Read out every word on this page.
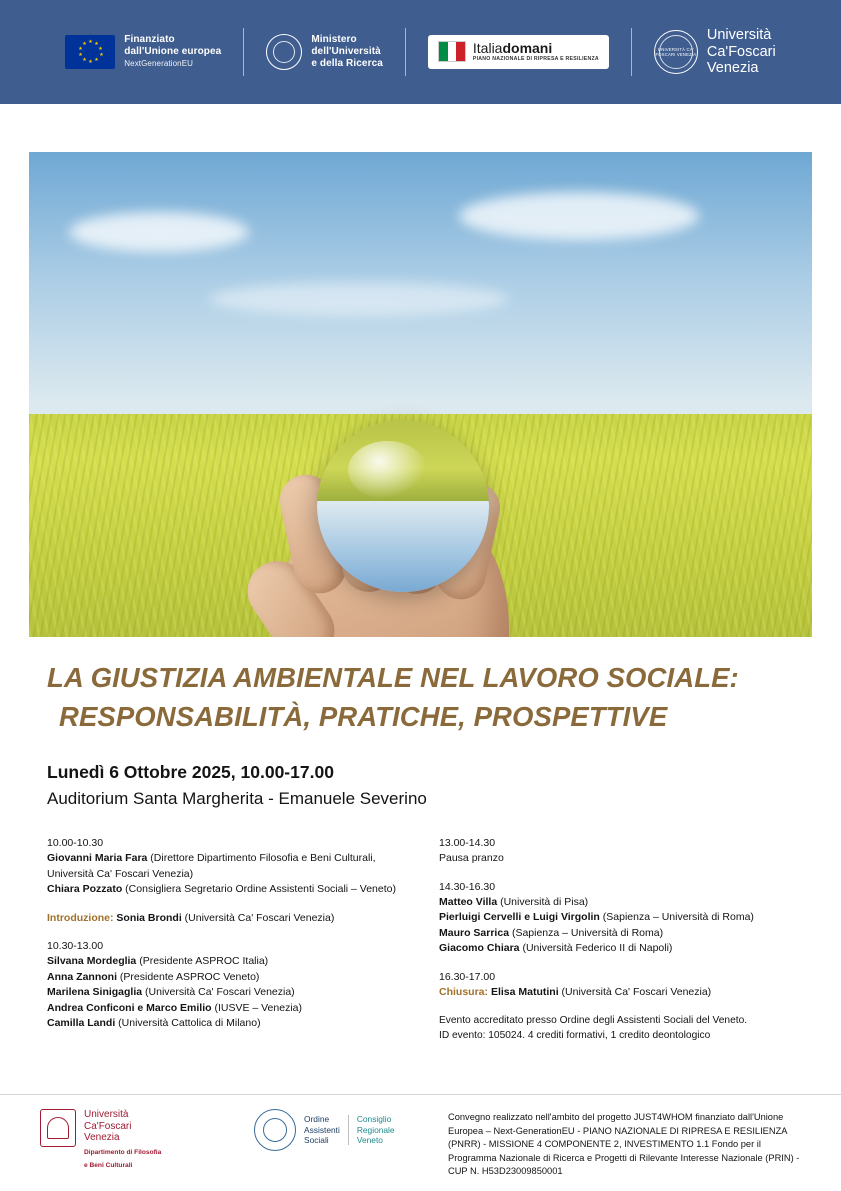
★ ★
★
★
★
★
★
★
★
★	Finanziato
dall'Unione europea
NextGenerationEU
Ministero
dell'Università
e della Ricerca
Italiadomani
PIANO NAZIONALE DI RIPRESA E RESILIENZA
UNIVERSITÀ CA' FOSCARI VENEZIA
Università
Ca'Foscari
Venezia
LA GIUSTIZIA AMBIENTALE NEL LAVORO SOCIALE:
RESPONSABILITÀ, PRATICHE, PROSPETTIVE
Lunedì 6 Ottobre 2025, 10.00-17.00
Auditorium Santa Margherita - Emanuele Severino
10.00-10.30
Giovanni Maria Fara (Direttore Dipartimento Filosofia e Beni Culturali, Università Ca' Foscari Venezia)
Chiara Pozzato (Consigliera Segretario Ordine Assistenti Sociali – Veneto)
Introduzione: Sonia Brondi (Università Ca' Foscari Venezia)
10.30-13.00
Silvana Mordeglia (Presidente ASPROC Italia)
Anna Zannoni (Presidente ASPROC Veneto)
Marilena Sinigaglia (Università Ca' Foscari Venezia)
Andrea Conficoni e Marco Emilio (IUSVE – Venezia)
Camilla Landi (Università Cattolica di Milano)
13.00-14.30
Pausa pranzo
14.30-16.30
Matteo Villa (Università di Pisa)
Pierluigi Cervelli e Luigi Virgolin (Sapienza – Università di Roma)
Mauro Sarrica (Sapienza – Università di Roma)
Giacomo Chiara (Università Federico II di Napoli)
16.30-17.00
Chiusura: Elisa Matutini (Università Ca' Foscari Venezia)
Evento accreditato presso Ordine degli Assistenti Sociali del Veneto.
ID evento: 105024. 4 crediti formativi, 1 credito deontologico
Università
Ca'Foscari
Venezia
Dipartimento di Filosofia
e Beni Culturali
Ordine
Assistenti
Sociali
Consiglio
Regionale
Veneto
Convegno realizzato nell'ambito del progetto JUST4WHOM finanziato dall'Unione Europea – Next-GenerationEU - PIANO NAZIONALE DI RIPRESA E RESILIENZA (PNRR) - MISSIONE 4 COMPONENTE 2, INVESTIMENTO 1.1 Fondo per il Programma Nazionale di Ricerca e Progetti di Rilevante Interesse Nazionale (PRIN) - CUP N. H53D23009850001
